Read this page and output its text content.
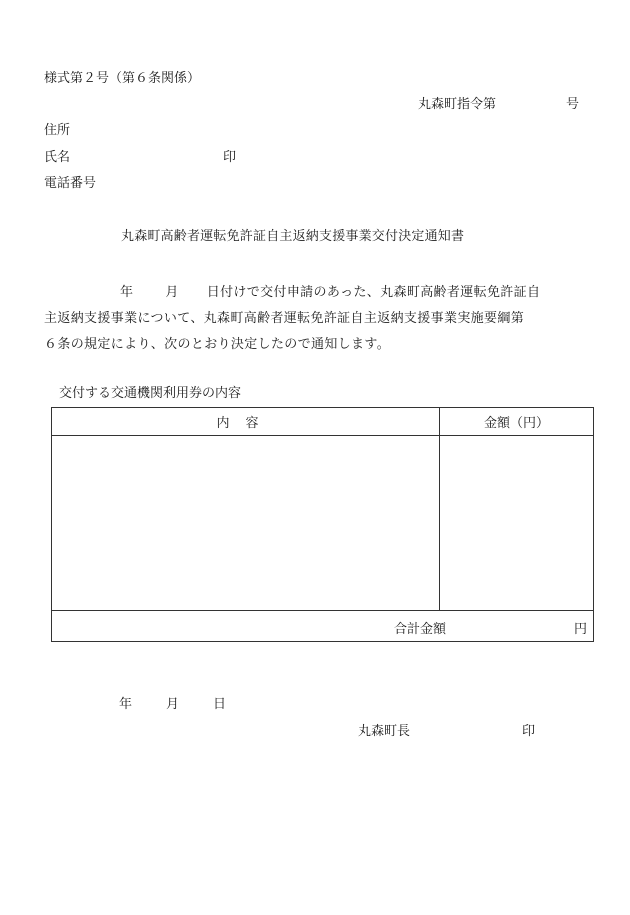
様式第２号（第６条関係）
丸森町指令第	号
住所
氏名	印
電話番号
丸森町高齢者運転免許証自主返納支援事業交付決定通知書
年 月 日付けで交付申請のあった、丸森町高齢者運転免許証自
主返納支援事業について、丸森町高齢者運転免許証自主返納支援事業実施要綱第
６条の規定により、次のとおり決定したので通知します。
交付する交通機関利用券の内容
内容	金額（円）

合計金額 円	
年	月	日
丸森町長	印
